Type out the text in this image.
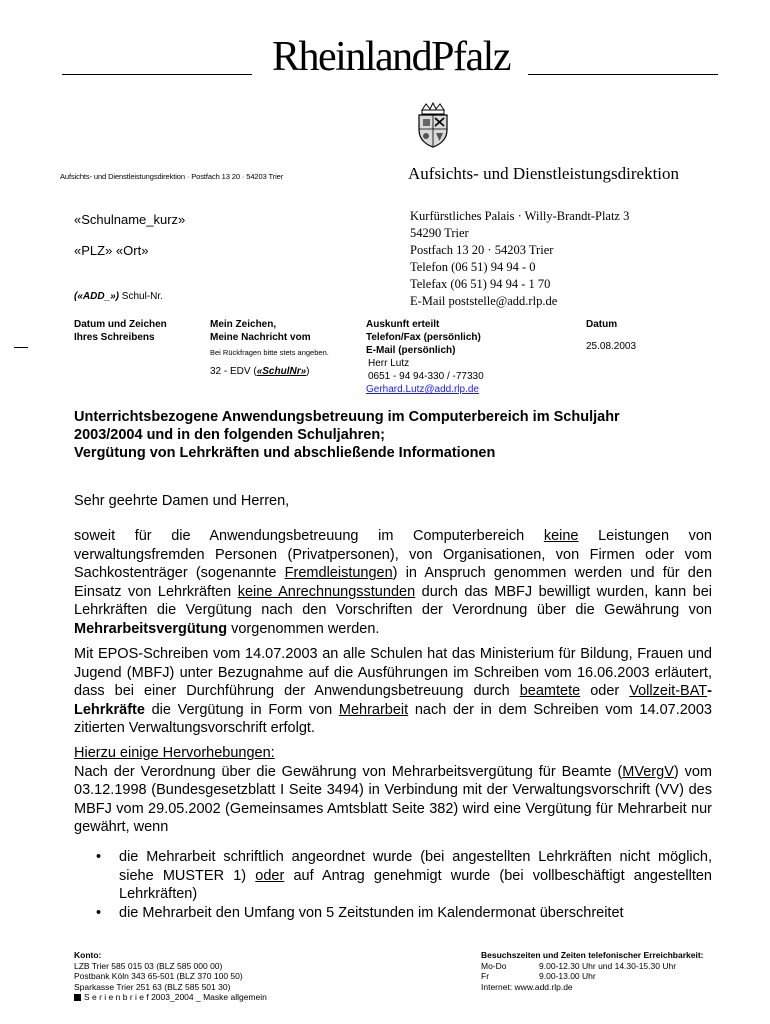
RheinlandPfalz
Aufsichts- und Dienstleistungsdirektion · Postfach 13 20 · 54203 Trier	Aufsichts- und Dienstleistungsdirektion
«Schulname_kurz»
«PLZ» «Ort»
(«ADD_») Schul-Nr.
Kurfürstliches Palais · Willy-Brandt-Platz 3
54290 Trier
Postfach 13 20 · 54203 Trier
Telefon (06 51) 94 94 - 0
Telefax (06 51) 94 94 - 1 70
E-Mail poststelle@add.rlp.de
Datum und Zeichen
Ihres Schreibens
Mein Zeichen,
Meine Nachricht vom
Bei Rückfragen bitte stets angeben.
32 - EDV («SchulNr»)
Auskunft erteilt
Telefon/Fax (persönlich)
E-Mail (persönlich)
Herr Lutz
0651 - 94 94-330 / -77330
Gerhard.Lutz@add.rlp.de
Datum
25.08.2003
Unterrichtsbezogene Anwendungsbetreuung im Computerbereich im Schuljahr
2003/2004 und in den folgenden Schuljahren;
Vergütung von Lehrkräften und abschließende Informationen
Sehr geehrte Damen und Herren,
soweit für die Anwendungsbetreuung im Computerbereich keine Leistungen von verwaltungsfremden Personen (Privatpersonen), von Organisationen, von Firmen oder vom Sachkostenträger (sogenannte Fremdleistungen) in Anspruch genommen werden und für den Einsatz von Lehrkräften keine Anrechnungsstunden durch das MBFJ bewilligt wurden, kann bei Lehrkräften die Vergütung nach den Vorschriften der Verordnung über die Gewährung von Mehrarbeitsvergütung vorgenommen werden.
Mit EPOS-Schreiben vom 14.07.2003 an alle Schulen hat das Ministerium für Bildung, Frauen und Jugend (MBFJ) unter Bezugnahme auf die Ausführungen im Schreiben vom 16.06.2003 erläutert, dass bei einer Durchführung der Anwendungsbetreuung durch beamtete oder Vollzeit-BAT-Lehrkräfte die Vergütung in Form von Mehrarbeit nach der in dem Schreiben vom 14.07.2003 zitierten Verwaltungsvorschrift erfolgt.
Hierzu einige Hervorhebungen:
Nach der Verordnung über die Gewährung von Mehrarbeitsvergütung für Beamte (MVergV) vom 03.12.1998 (Bundesgesetzblatt I Seite 3494) in Verbindung mit der Verwaltungsvorschrift (VV) des MBFJ vom 29.05.2002 (Gemeinsames Amtsblatt Seite 382) wird eine Vergütung für Mehrarbeit nur gewährt, wenn
• die Mehrarbeit schriftlich angeordnet wurde (bei angestellten Lehrkräften nicht möglich, siehe MUSTER 1) oder auf Antrag genehmigt wurde (bei vollbeschäftigt angestellten Lehrkräften)
• die Mehrarbeit den Umfang von 5 Zeitstunden im Kalendermonat überschreitet
Konto:
LZB Trier 585 015 03 (BLZ 585 000 00)
Postbank Köln 343 65-501 (BLZ 370 100 50)
Sparkasse Trier 251 63 (BLZ 585 501 30)
S e r i e n b r i e f 2003_2004 _ Maske allgemein
Besuchszeiten und Zeiten telefonischer Erreichbarkeit:
Mo-Do	9.00-12.30 Uhr und 14.30-15.30 Uhr
Fr	9.00-13.00 Uhr
Internet: www.add.rlp.de
